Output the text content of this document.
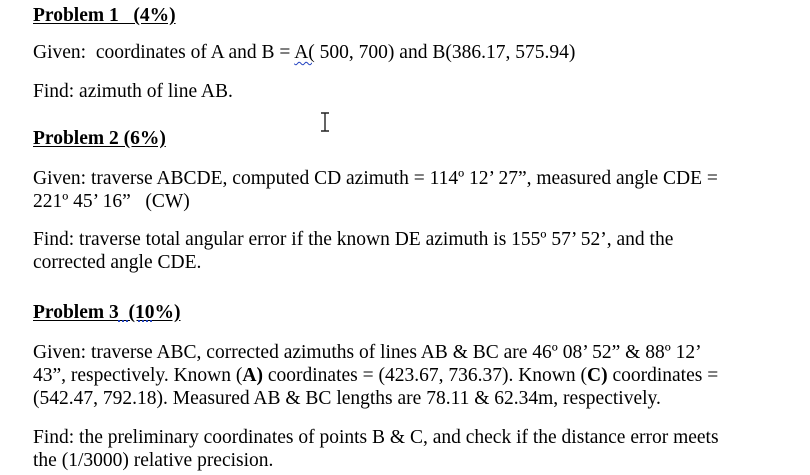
Problem 1   (4%)
Given:  coordinates of A and B = A( 500, 700) and B(386.17, 575.94)
Find: azimuth of line AB.
Problem 2 (6%)
Given: traverse ABCDE, computed CD azimuth = 114º 12’ 27”, measured angle CDE =
221º 45’ 16”   (CW)
Find: traverse total angular error if the known DE azimuth is 155º 57’ 52’, and the
corrected angle CDE.
Problem 3  (10%)
Given: traverse ABC, corrected azimuths of lines AB & BC are 46º 08’ 52” & 88º 12’
43”, respectively. Known (A) coordinates = (423.67, 736.37). Known (C) coordinates =
(542.47, 792.18). Measured AB & BC lengths are 78.11 & 62.34m, respectively.
Find: the preliminary coordinates of points B & C, and check if the distance error meets
the (1/3000) relative precision.
